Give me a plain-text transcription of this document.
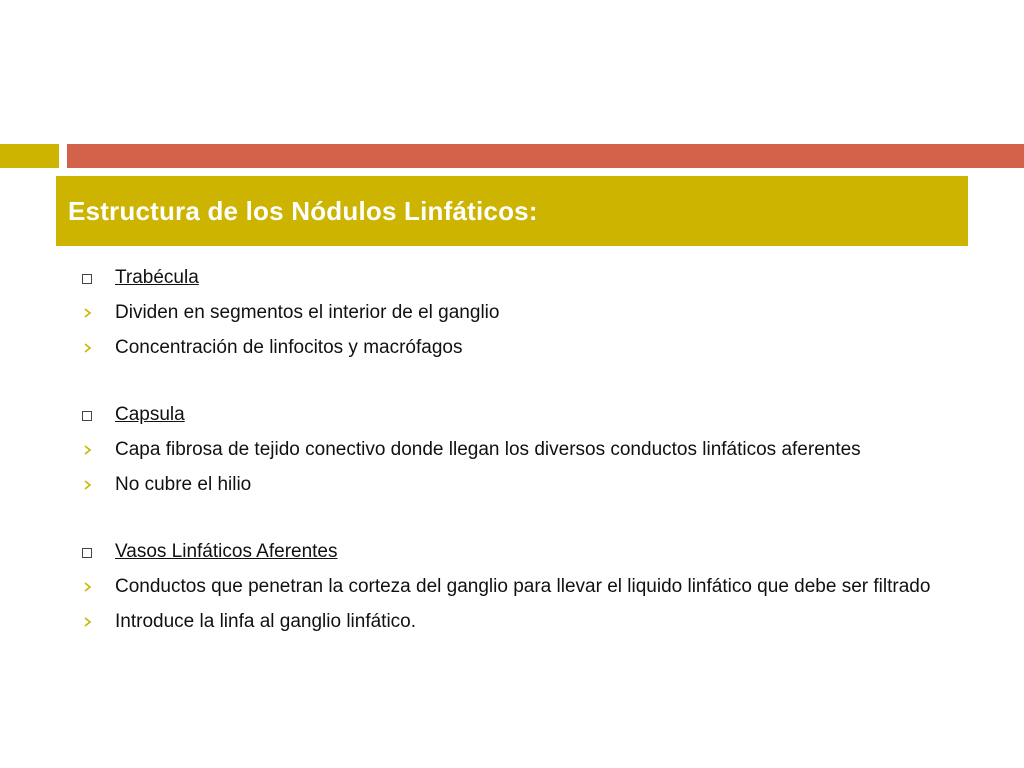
Estructura de los Nódulos Linfáticos:
Trabécula
Dividen en segmentos el interior de el ganglio
Concentración de linfocitos y macrófagos
Capsula
Capa fibrosa de tejido conectivo donde llegan los diversos conductos linfáticos aferentes
No cubre el hilio
Vasos Linfáticos Aferentes
Conductos que penetran la corteza del ganglio para llevar el liquido linfático que debe ser filtrado
Introduce la linfa al ganglio linfático.
